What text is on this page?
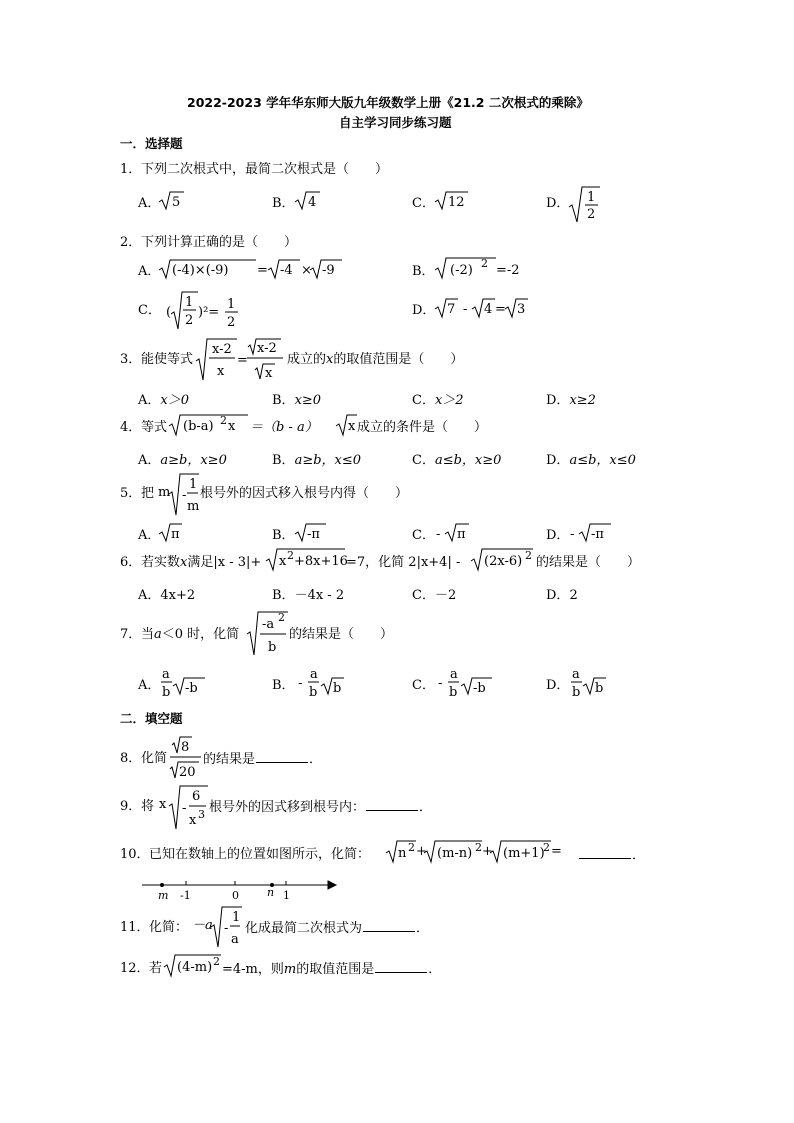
2022-2023 学年华东师大版九年级数学上册《21.2 二次根式的乘除》
自主学习同步练习题
一．选择题
1． 下列二次根式中，最简二次根式是（　　）
A． 5	B． 4	C． 12	D． 1
2
2． 下列计算正确的是（　　）
A． (-4)×(-9) = -4 × -9	B． (-2) 2 =-2
C． (
1
2
)²=
1
2
D． 7 - 4 = 3
3． 能使等式
x-2
x
=
x-2
x
成立的x的取值范围是（　　）
A．x＞0	B．x≥0	C．x＞2	D．x≥2
4． 等式 (b-a) 2 x ＝（b - a） x 成立的条件是（　　）
A．a≥b，x≥0	B．a≥b，x≤0	C．a≤b，x≥0	D．a≤b，x≤0
5． 把 m -
1
m
根号外的因式移入根号内得（　　）
A． π	B． -π	C． - π	D． - -π
6． 若实数x满足|x - 3|+ x 2 +8x+16
=7，化简 2|x+4| - (2x-6) 2 的结果是（　　）
A．4x+2	B．－4x - 2	C．－2	D．2
7． 当a＜0 时，化简
-a 2
b
的结果是（　　）
A．
a
b -b	B． -
a
b b	C． -
a
b -b	D．
a
b b
二．填空题
8． 化简
8
20
的结果是	．
9． 将 x -
6
x 3 根号外的因式移到根号内：	．
10． 已知在数轴上的位置如图所示，化简： n 2 + (m-n) 2 + (m+1)
2 =	．
m -1	0	n 1
11． 化简： －a -
1
a
化成最简二次根式为	．
12． 若 (4-m) 2
=4-m，则m的取值范围是	．
